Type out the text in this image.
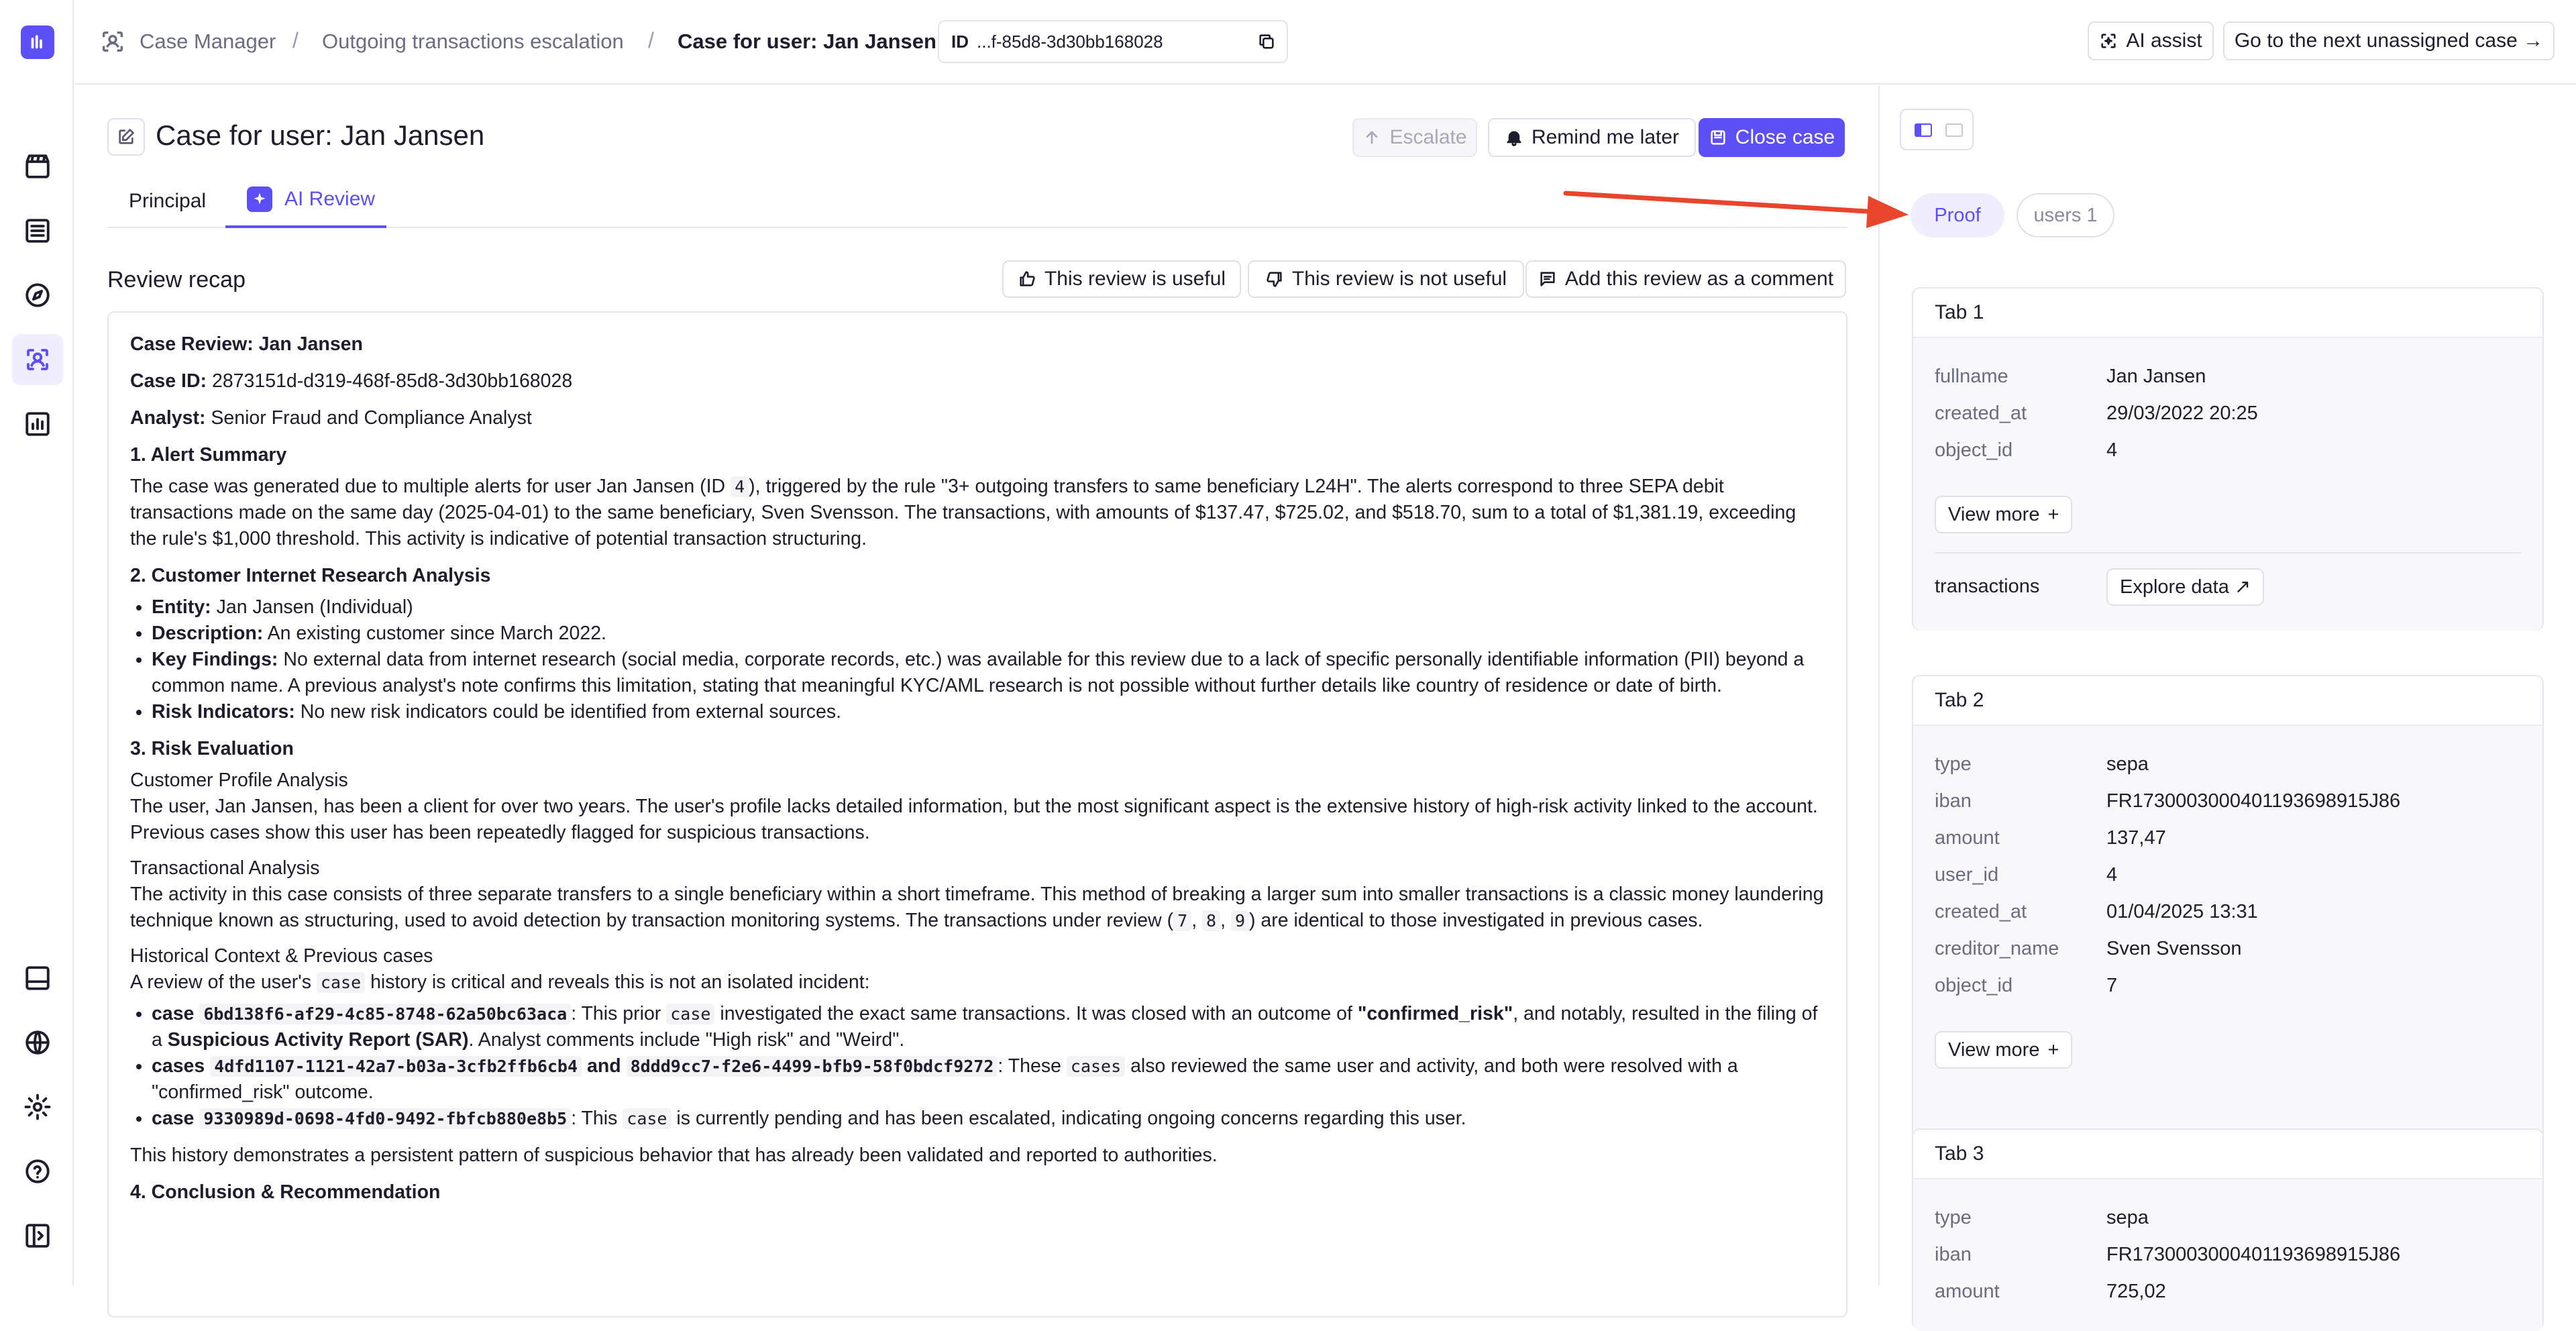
Case Manager / Outgoing transactions escalation / Case for user: Jan Jansen ID ...f-85d8-3d30bb168028	AI assist Go to the next unassigned case →
Case for user: Jan Jansen	Escalate	Remind me later	Close case
Principal	AI Review
Review recap	This review is useful	This review is not useful	Add this review as a comment

Case Review: Jan Jansen

Case ID: 2873151d-d319-468f-85d8-3d30bb168028

Analyst: Senior Fraud and Compliance Analyst

1. Alert Summary

The case was generated due to multiple alerts for user Jan Jansen (ID 4 ), triggered by the rule "3+ outgoing transfers to same beneficiary L24H". The alerts correspond to three SEPA debit transactions made on the same day (2025-04-01) to the same beneficiary, Sven Svensson. The transactions, with amounts of $137.47, $725.02, and $518.70, sum to a total of $1,381.19, exceeding the rule's $1,000 threshold. This activity is indicative of potential transaction structuring.

2. Customer Internet Research Analysis

• Entity: Jan Jansen (Individual)
• Description: An existing customer since March 2022.
• Key Findings: No external data from internet research (social media, corporate records, etc.) was available for this review due to a lack of specific personally identifiable information (PII) beyond a common name. A previous analyst's note confirms this limitation, stating that meaningful KYC/AML research is not possible without further details like country of residence or date of birth.
• Risk Indicators: No new risk indicators could be identified from external sources.

3. Risk Evaluation

Customer Profile Analysis
The user, Jan Jansen, has been a client for over two years. The user's profile lacks detailed information, but the most significant aspect is the extensive history of high-risk activity linked to the account. Previous cases show this user has been repeatedly flagged for suspicious transactions.

Transactional Analysis
The activity in this case consists of three separate transfers to a single beneficiary within a short timeframe. This method of breaking a larger sum into smaller transactions is a classic money laundering technique known as structuring, used to avoid detection by transaction monitoring systems. The transactions under review ( 7 , 8 , 9 ) are identical to those investigated in previous cases.

Historical Context & Previous cases
A review of the user's case history is critical and reveals this is not an isolated incident:

• case 6bd138f6-af29-4c85-8748-62a50bc63aca : This prior case investigated the exact same transactions. It was closed with an outcome of "confirmed_risk", and notably, resulted in the filing of a Suspicious Activity Report (SAR). Analyst comments include "High risk" and "Weird".
• cases 4dfd1107-1121-42a7-b03a-3cfb2ffb6cb4 and 8ddd9cc7-f2e6-4499-bfb9-58f0bdcf9272 : These cases also reviewed the same user and activity, and both were resolved with a "confirmed_risk" outcome.
• case 9330989d-0698-4fd0-9492-fbfcb880e8b5 : This case is currently pending and has been escalated, indicating ongoing concerns regarding this user.

This history demonstrates a persistent pattern of suspicious behavior that has already been validated and reported to authorities.

4. Conclusion & Recommendation

Proof	users 1
Tab 1
fullname	Jan Jansen
created_at	29/03/2022 20:25
object_id	4
View more +
transactions	Explore data ↗
Tab 2
type	sepa
iban	FR1730003000401193698915J86
amount	137,47
user_id	4
created_at	01/04/2025 13:31
creditor_name	Sven Svensson
object_id	7
View more +
Tab 3
type	sepa
iban	FR1730003000401193698915J86
amount	725,02
